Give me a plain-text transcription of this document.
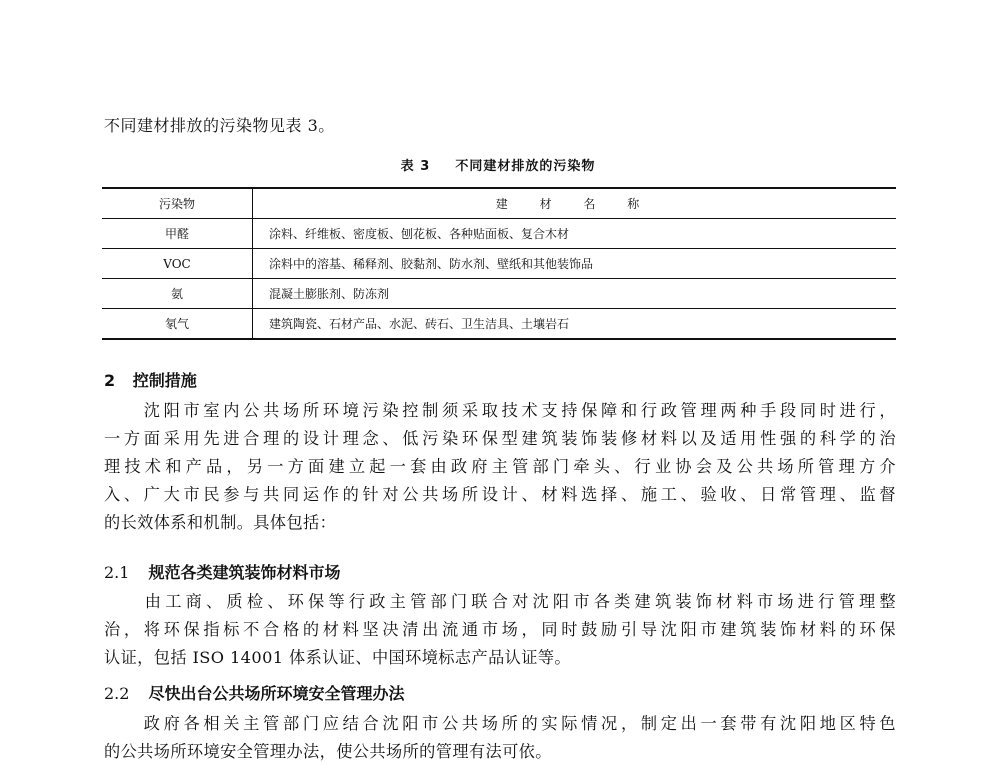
不同建材排放的污染物见表 3。
表 3 不同建材排放的污染物
污染物	建 材 名 称
甲醛	涂料、纤维板、密度板、刨花板、各种贴面板、复合木材
VOC	涂料中的溶基、稀释剂、胶黏剂、防水剂、壁纸和其他装饰品
氨	混凝土膨胀剂、防冻剂
氡气	建筑陶瓷、石材产品、水泥、砖石、卫生洁具、土壤岩石
2 控制措施
　　沈阳市室内公共场所环境污染控制须采取技术支持保障和行政管理两种手段同时进行，
一方面采用先进合理的设计理念、低污染环保型建筑装饰装修材料以及适用性强的科学的治
理技术和产品，另一方面建立起一套由政府主管部门牵头、行业协会及公共场所管理方介
入、广大市民参与共同运作的针对公共场所设计、材料选择、施工、验收、日常管理、监督
的长效体系和机制。具体包括：
2.1 规范各类建筑装饰材料市场
　　由工商、质检、环保等行政主管部门联合对沈阳市各类建筑装饰材料市场进行管理整
治，将环保指标不合格的材料坚决清出流通市场，同时鼓励引导沈阳市建筑装饰材料的环保
认证，包括 ISO 14001 体系认证、中国环境标志产品认证等。
2.2 尽快出台公共场所环境安全管理办法
　　政府各相关主管部门应结合沈阳市公共场所的实际情况，制定出一套带有沈阳地区特色
的公共场所环境安全管理办法，使公共场所的管理有法可依。
